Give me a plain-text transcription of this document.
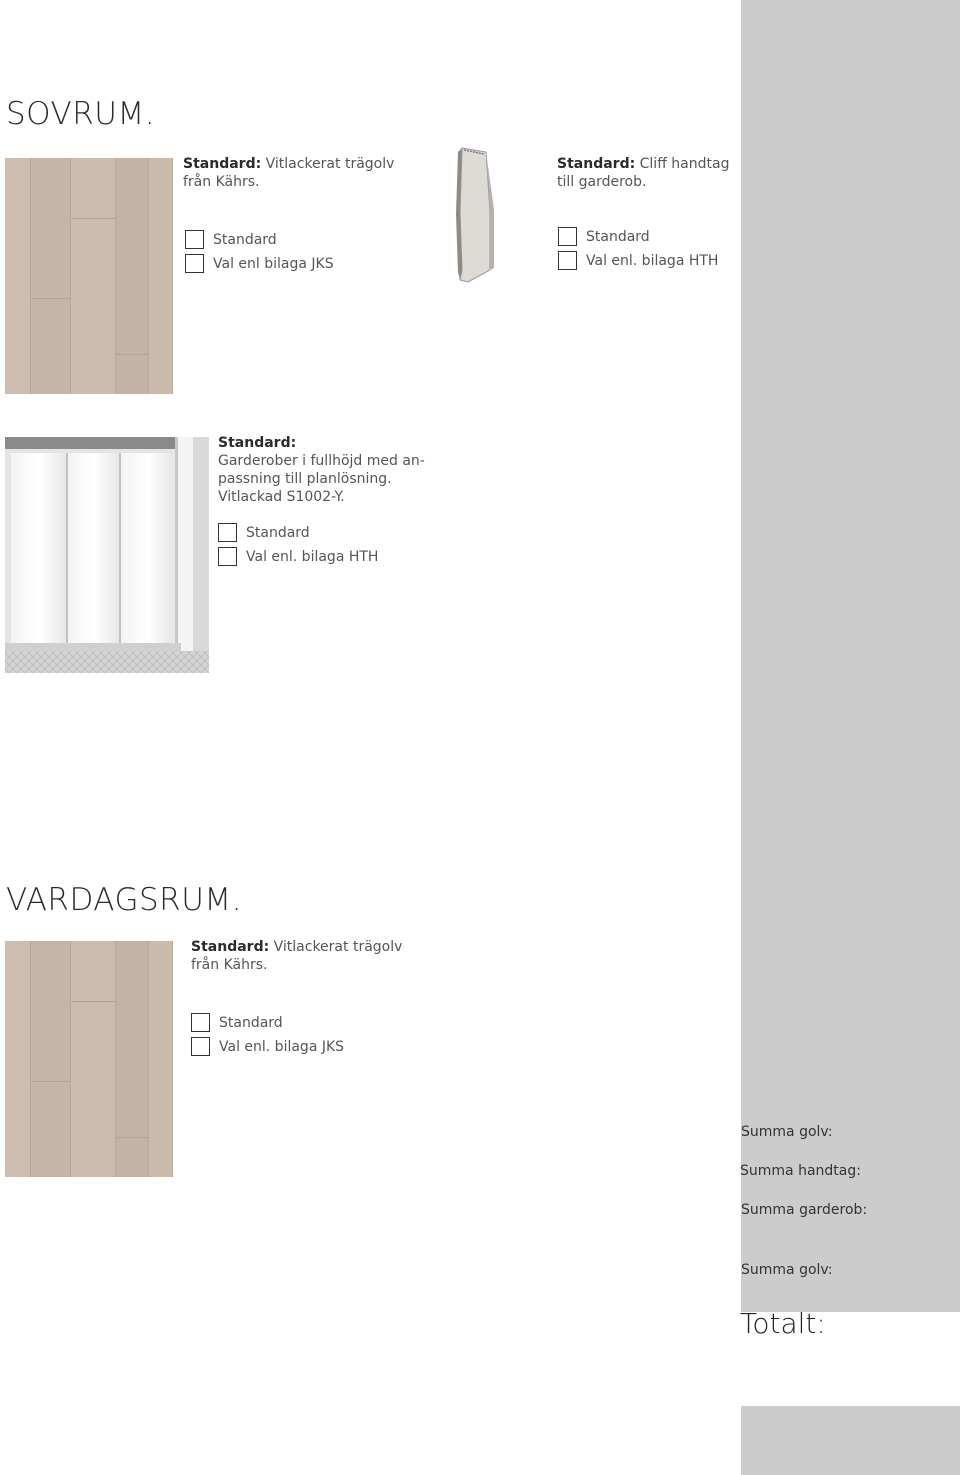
SOVRUM.
Standard: Vitlackerat trägolv från Kährs.
Standard
Val enl bilaga JKS
Standard: Cliff handtag till garderob.
Standard
Val enl. bilaga HTH
Standard:
Garderober i fullhöjd med an-
passning till planlösning.
Vitlackad S1002-Y.
Standard
Val enl. bilaga HTH
VARDAGSRUM.
Standard: Vitlackerat trägolv från Kährs.
Standard
Val enl. bilaga JKS
Summa golv:
Summa handtag:
Summa garderob:
Summa golv:
Totalt:
